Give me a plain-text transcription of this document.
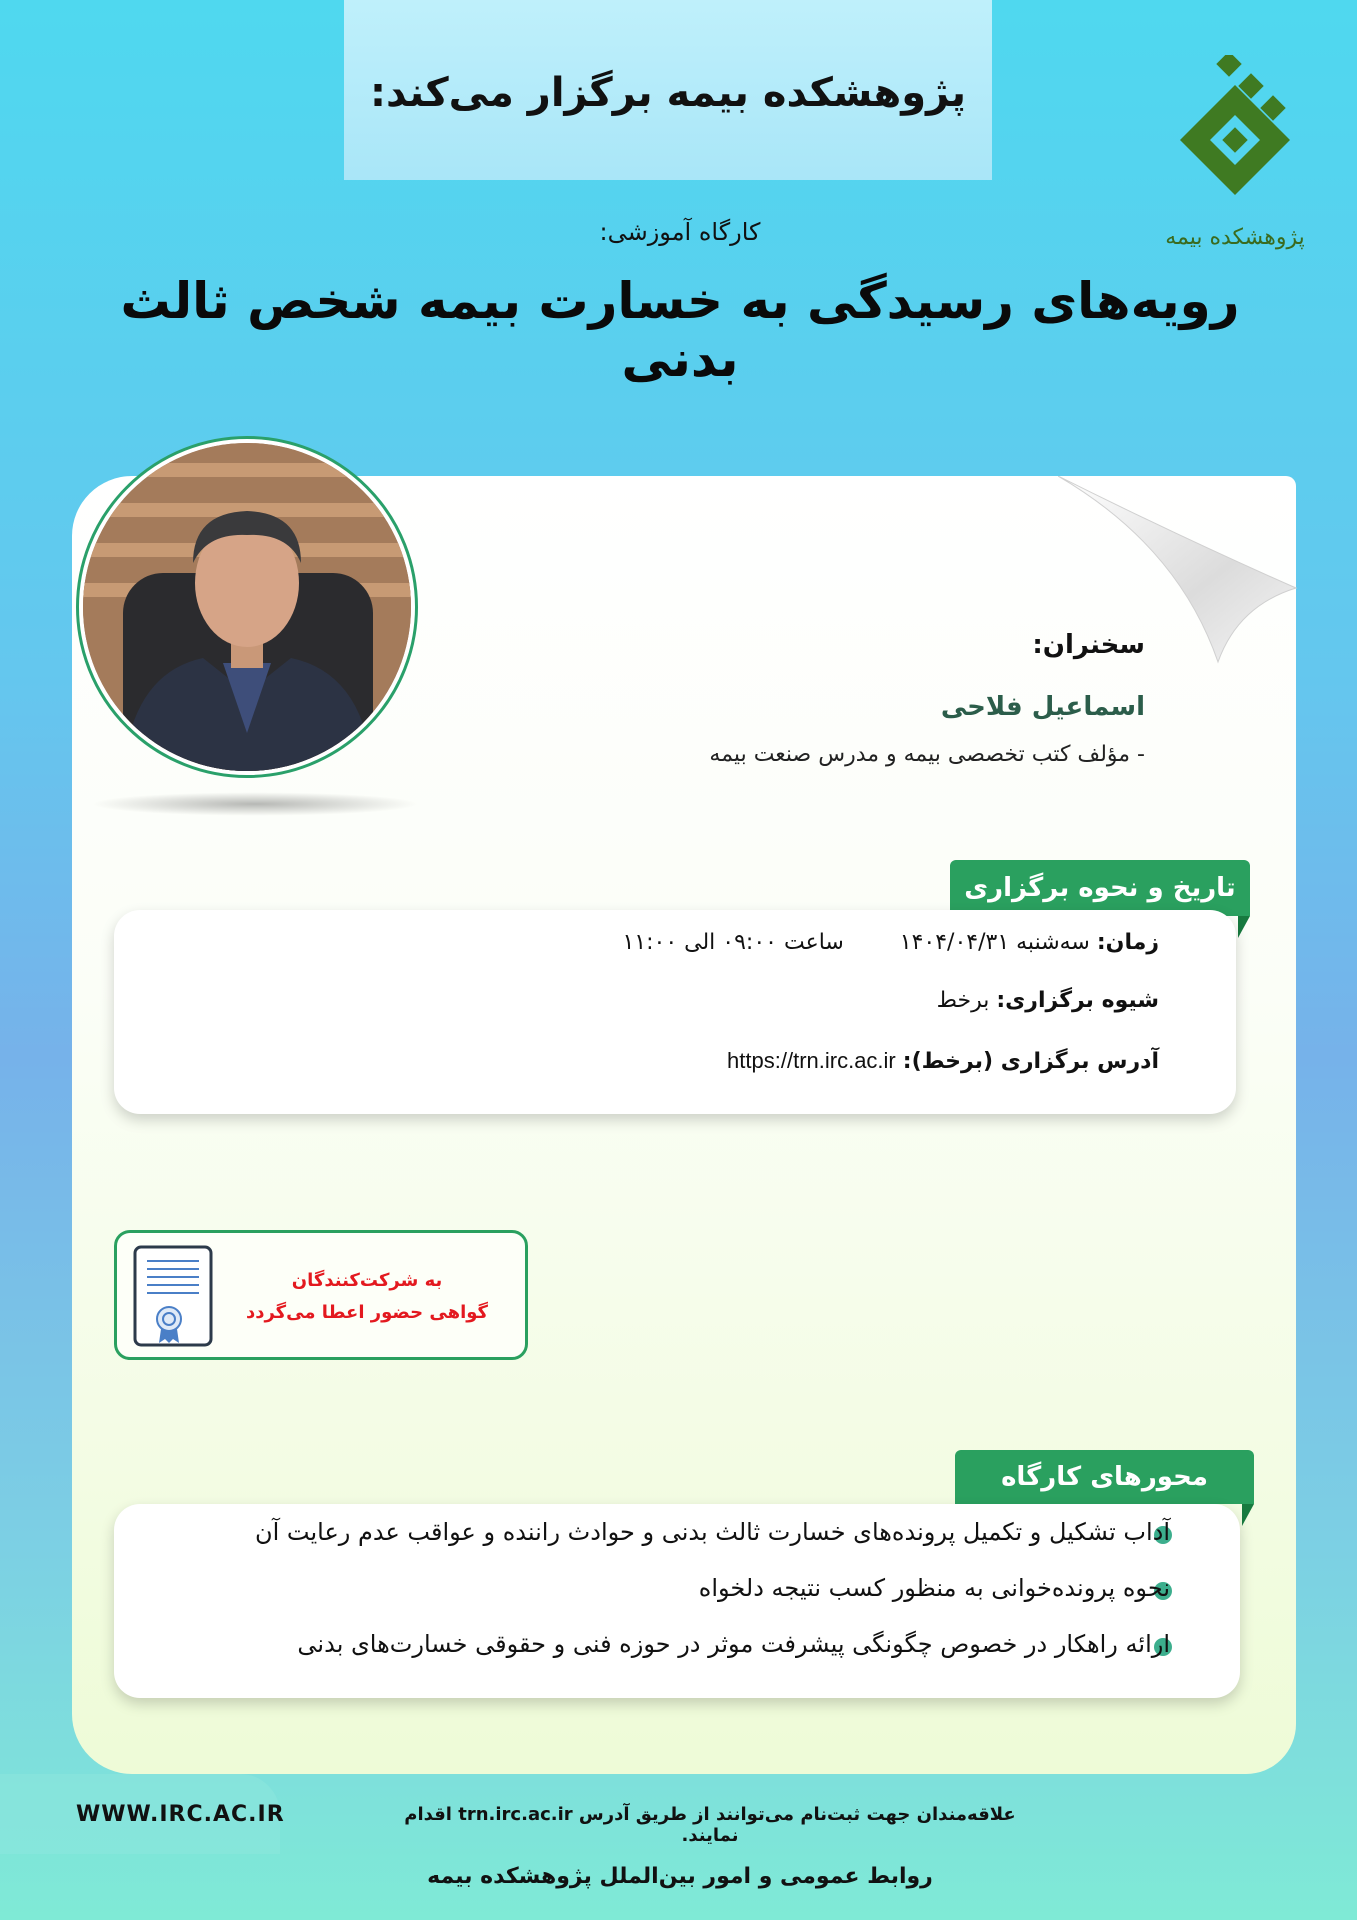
پژوهشکده بیمه برگزار می‌کند:
پژوهشکده بیمه
کارگاه آموزشی:
رویه‌های رسیدگی به خسارت بیمه شخص ثالث بدنی
سخنران:
اسماعیل فلاحی
- مؤلف کتب تخصصی بیمه و مدرس صنعت بیمه
تاریخ و نحوه برگزاری
زمان: سه‌شنبه ۱۴۰۴/۰۴/۳۱        ساعت ۰۹:۰۰ الی ۱۱:۰۰
شیوه برگزاری: برخط
آدرس برگزاری (برخط): https://trn.irc.ac.ir
به شرکت‌کنندگان
گواهی حضور اعطا می‌گردد
محورهای کارگاه
آداب تشکیل و تکمیل پرونده‌های خسارت ثالث بدنی و حوادث راننده و عواقب عدم رعایت آن
نحوه پرونده‌خوانی به منظور کسب نتیجه دلخواه
ارائه راهکار در خصوص چگونگی پیشرفت موثر در حوزه فنی و حقوقی خسارت‌های بدنی
WWW.IRC.AC.IR	علاقه‌مندان جهت ثبت‌نام می‌توانند از طریق آدرس trn.irc.ac.ir اقدام نمایند.
روابط عمومی و امور بین‌الملل پژوهشکده بیمه
